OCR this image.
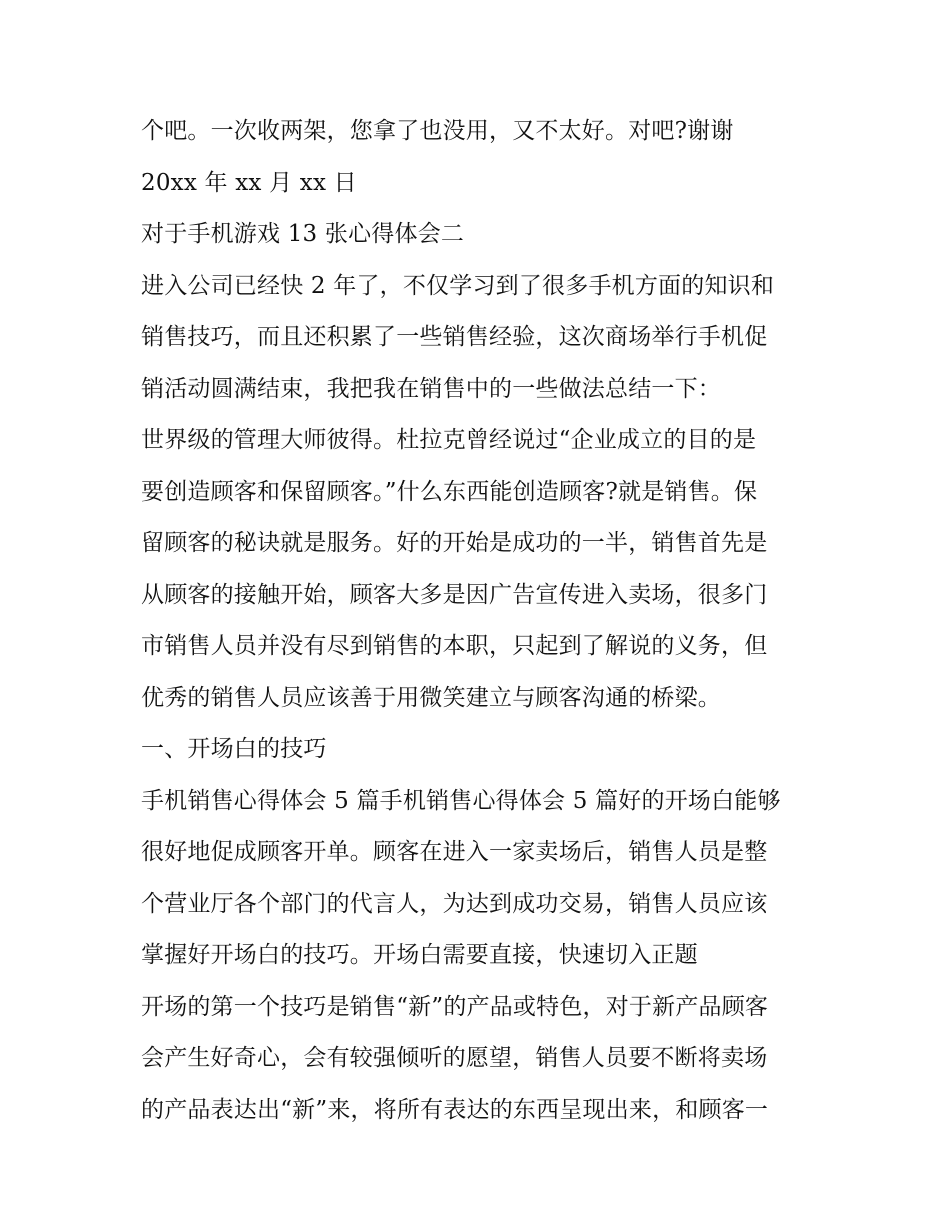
个吧。一次收两架，您拿了也没用，又不太好。对吧?谢谢
20xx 年 xx 月 xx 日
对于手机游戏 13 张心得体会二
进入公司已经快 2 年了，不仅学习到了很多手机方面的知识和
销售技巧，而且还积累了一些销售经验，这次商场举行手机促
销活动圆满结束，我把我在销售中的一些做法总结一下：
世界级的管理大师彼得。杜拉克曾经说过“企业成立的目的是
要创造顾客和保留顾客。”什么东西能创造顾客?就是销售。保
留顾客的秘诀就是服务。好的开始是成功的一半，销售首先是
从顾客的接触开始，顾客大多是因广告宣传进入卖场，很多门
市销售人员并没有尽到销售的本职，只起到了解说的义务，但
优秀的销售人员应该善于用微笑建立与顾客沟通的桥梁。
一、开场白的技巧
手机销售心得体会 5 篇手机销售心得体会 5 篇好的开场白能够
很好地促成顾客开单。顾客在进入一家卖场后，销售人员是整
个营业厅各个部门的代言人，为达到成功交易，销售人员应该
掌握好开场白的技巧。开场白需要直接，快速切入正题
开场的第一个技巧是销售“新”的产品或特色，对于新产品顾客
会产生好奇心，会有较强倾听的愿望，销售人员要不断将卖场
的产品表达出“新”来，将所有表达的东西呈现出来，和顾客一
